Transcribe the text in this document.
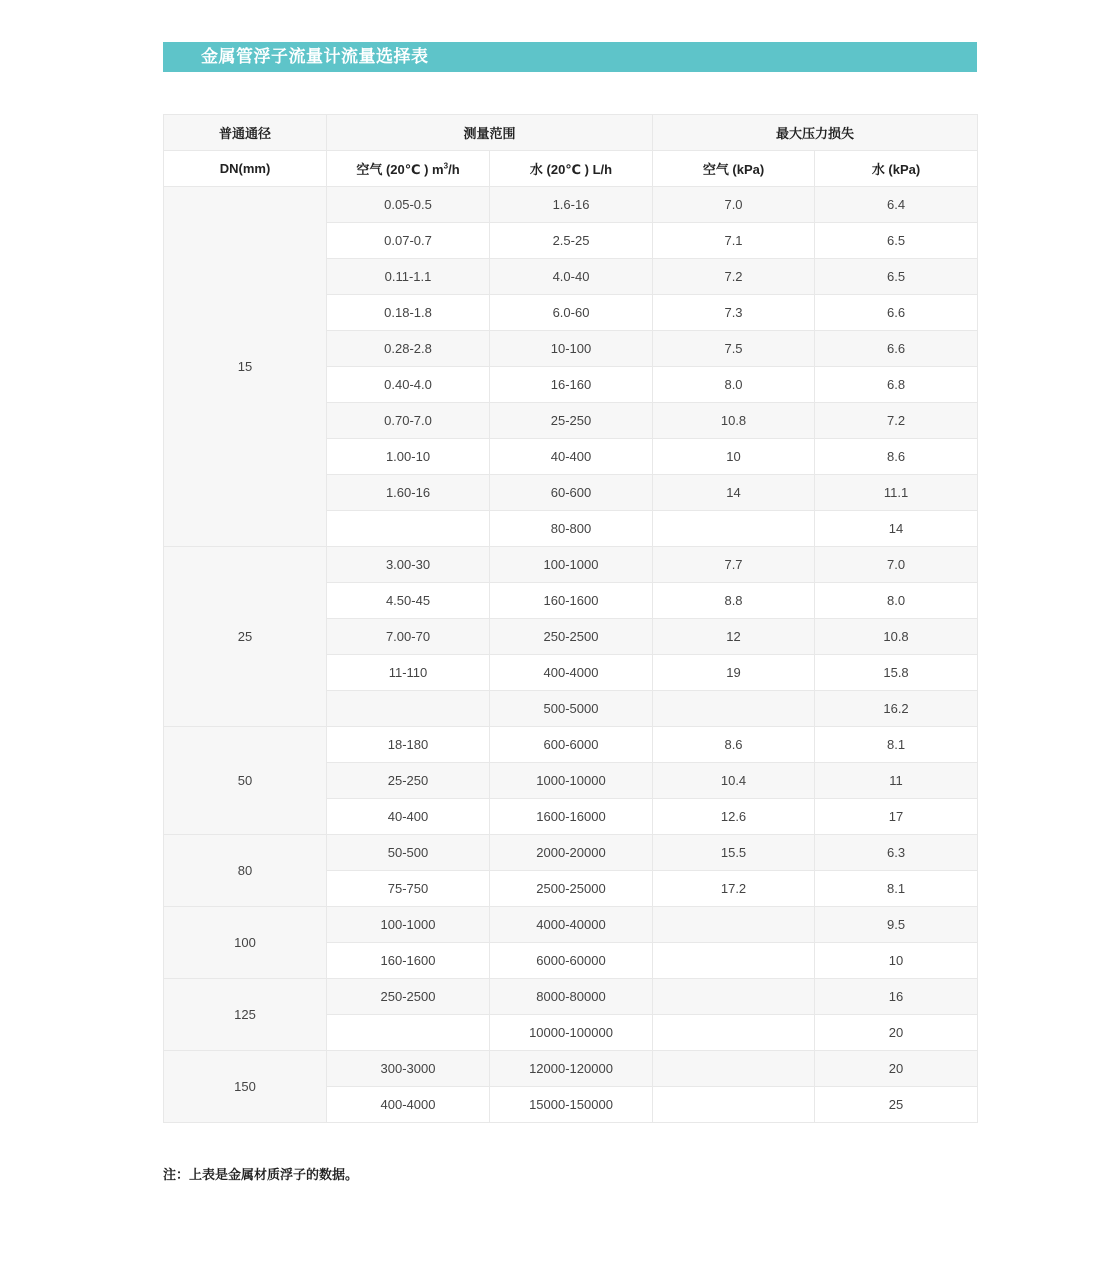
金属管浮子流量计流量选择表
普通通径	测量范围		最大压力损失	
DN(mm)	空气 (20℃ ) $m^3/h$	水 (20℃ ) L/h	空气 (kPa)	水 (kPa)
15	0.05-0.5	1.6-16	7.0	6.4
	0.07-0.7	2.5-25	7.1	6.5
	0.11-1.1	4.0-40	7.2	6.5
	0.18-1.8	6.0-60	7.3	6.6
	0.28-2.8	10-100	7.5	6.6
	0.40-4.0	16-160	8.0	6.8
	0.70-7.0	25-250	10.8	7.2
	1.00-10	40-400	10	8.6
	1.60-16	60-600	14	11.1
		80-800		14
25	3.00-30	100-1000	7.7	7.0
	4.50-45	160-1600	8.8	8.0
	7.00-70	250-2500	12	10.8
	11-110	400-4000	19	15.8
		500-5000		16.2
50	18-180	600-6000	8.6	8.1
	25-250	1000-10000	10.4	11
	40-400	1600-16000	12.6	17
80	50-500	2000-20000	15.5	6.3
	75-750	2500-25000	17.2	8.1
100	100-1000	4000-40000		9.5
	160-1600	6000-60000		10
125	250-2500	8000-80000		16
		10000-100000		20
150	300-3000	12000-120000		20
	400-4000	15000-150000		25
注：上表是金属材质浮子的数据。
